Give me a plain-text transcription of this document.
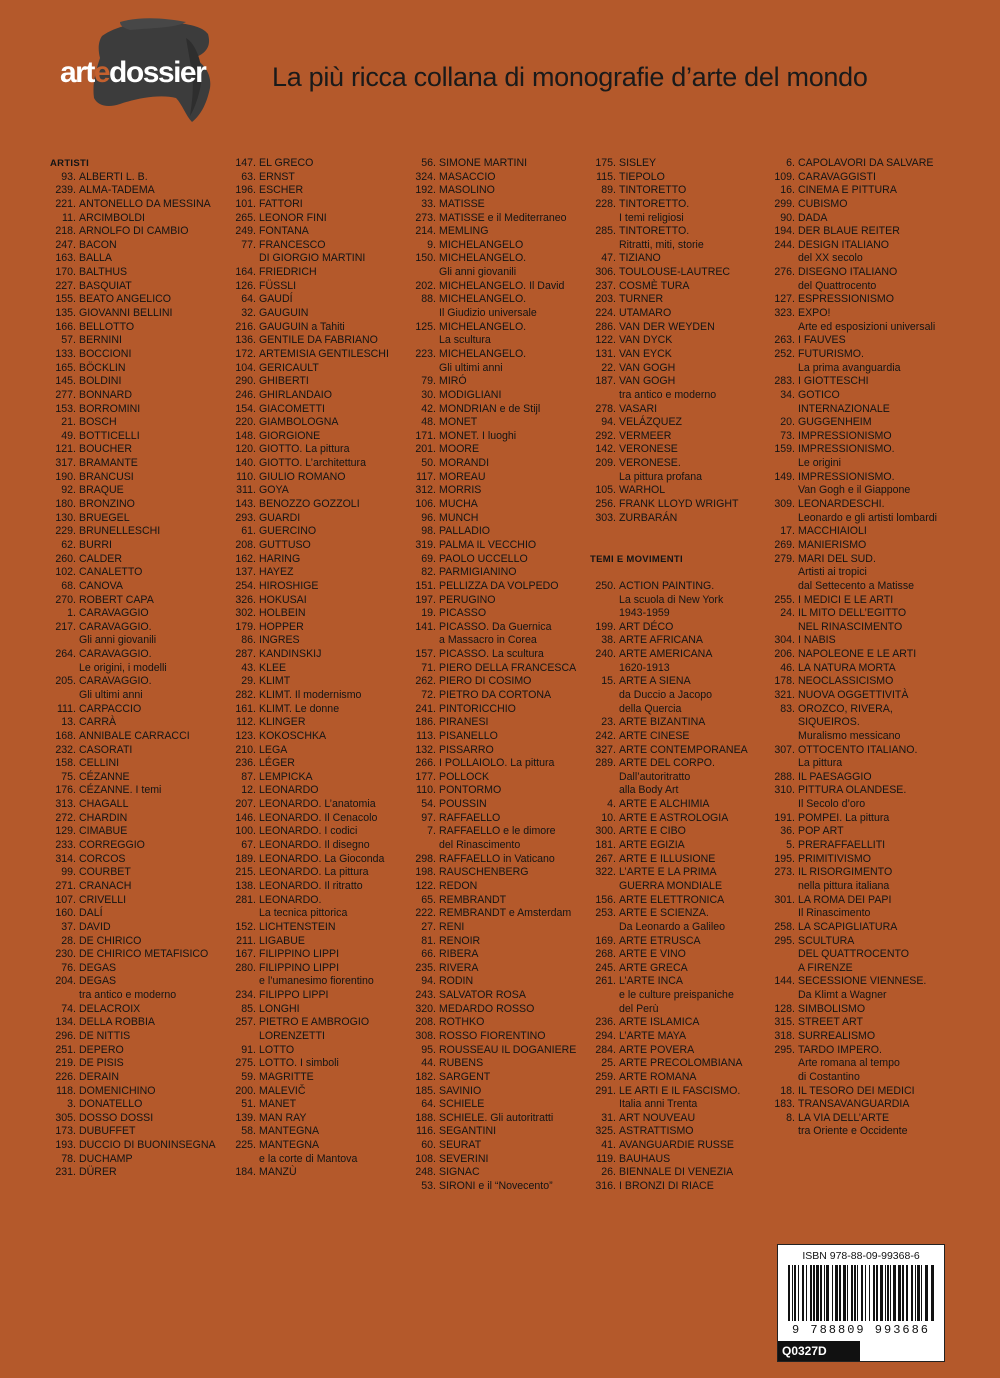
artedossier La più ricca collana di monografie d’arte del mondo
ARTISTI
93. ALBERTI L. B.
239. ALMA-TADEMA
221. ANTONELLO DA MESSINA
11. ARCIMBOLDI
218. ARNOLFO DI CAMBIO
247. BACON
163. BALLA
170. BALTHUS
227. BASQUIAT
155. BEATO ANGELICO
135. GIOVANNI BELLINI
166. BELLOTTO
57. BERNINI
133. BOCCIONI
165. BÖCKLIN
145. BOLDINI
277. BONNARD
153. BORROMINI
21. BOSCH
49. BOTTICELLI
121. BOUCHER
317. BRAMANTE
190. BRANCUSI
92. BRAQUE
180. BRONZINO
130. BRUEGEL
229. BRUNELLESCHI
62. BURRI
260. CALDER
102. CANALETTO
68. CANOVA
270. ROBERT CAPA
1. CARAVAGGIO
217. CARAVAGGIO.
Gli anni giovanili
264. CARAVAGGIO.
Le origini, i modelli
205. CARAVAGGIO.
Gli ultimi anni
111. CARPACCIO
13. CARRÀ
168. ANNIBALE CARRACCI
232. CASORATI
158. CELLINI
75. CÉZANNE
176. CÉZANNE. I temi
313. CHAGALL
272. CHARDIN
129. CIMABUE
233. CORREGGIO
314. CORCOS
99. COURBET
271. CRANACH
107. CRIVELLI
160. DALÍ
37. DAVID
28. DE CHIRICO
230. DE CHIRICO METAFISICO
76. DEGAS
204. DEGAS
tra antico e moderno
74. DELACROIX
134. DELLA ROBBIA
296. DE NITTIS
251. DEPERO
219. DE PISIS
226. DERAIN
118. DOMENICHINO
3. DONATELLO
305. DOSSO DOSSI
173. DUBUFFET
193. DUCCIO DI BUONINSEGNA
78. DUCHAMP
231. DÜRER
147. EL GRECO
63. ERNST
196. ESCHER
101. FATTORI
265. LEONOR FINI
249. FONTANA
77. FRANCESCO
DI GIORGIO MARTINI
164. FRIEDRICH
126. FÜSSLI
64. GAUDÍ
32. GAUGUIN
216. GAUGUIN a Tahiti
136. GENTILE DA FABRIANO
172. ARTEMISIA GENTILESCHI
104. GERICAULT
290. GHIBERTI
246. GHIRLANDAIO
154. GIACOMETTI
220. GIAMBOLOGNA
148. GIORGIONE
120. GIOTTO. La pittura
140. GIOTTO. L’architettura
110. GIULIO ROMANO
311. GOYA
143. BENOZZO GOZZOLI
293. GUARDI
61. GUERCINO
208. GUTTUSO
162. HARING
137. HAYEZ
254. HIROSHIGE
326. HOKUSAI
302. HOLBEIN
179. HOPPER
86. INGRES
287. KANDINSKIJ
43. KLEE
29. KLIMT
282. KLIMT. Il modernismo
161. KLIMT. Le donne
112. KLINGER
123. KOKOSCHKA
210. LEGA
236. LÉGER
87. LEMPICKA
12. LEONARDO
207. LEONARDO. L’anatomia
146. LEONARDO. Il Cenacolo
100. LEONARDO. I codici
67. LEONARDO. Il disegno
189. LEONARDO. La Gioconda
215. LEONARDO. La pittura
138. LEONARDO. Il ritratto
281. LEONARDO.
La tecnica pittorica
152. LICHTENSTEIN
211. LIGABUE
167. FILIPPINO LIPPI
280. FILIPPINO LIPPI
e l’umanesimo fiorentino
234. FILIPPO LIPPI
85. LONGHI
257. PIETRO E AMBROGIO
LORENZETTI
91. LOTTO
275. LOTTO. I simboli
59. MAGRITTE
200. MALEVIČ
51. MANET
139. MAN RAY
58. MANTEGNA
225. MANTEGNA
e la corte di Mantova
184. MANZÙ
56. SIMONE MARTINI
324. MASACCIO
192. MASOLINO
33. MATISSE
273. MATISSE e il Mediterraneo
214. MEMLING
9. MICHELANGELO
150. MICHELANGELO.
Gli anni giovanili
202. MICHELANGELO. Il David
88. MICHELANGELO.
Il Giudizio universale
125. MICHELANGELO.
La scultura
223. MICHELANGELO.
Gli ultimi anni
79. MIRÓ
30. MODIGLIANI
42. MONDRIAN e de Stijl
48. MONET
171. MONET. I luoghi
201. MOORE
50. MORANDI
117. MOREAU
312. MORRIS
106. MUCHA
96. MUNCH
98. PALLADIO
319. PALMA IL VECCHIO
69. PAOLO UCCELLO
82. PARMIGIANINO
151. PELLIZZA DA VOLPEDO
197. PERUGINO
19. PICASSO
141. PICASSO. Da Guernica
a Massacro in Corea
157. PICASSO. La scultura
71. PIERO DELLA FRANCESCA
262. PIERO DI COSIMO
72. PIETRO DA CORTONA
241. PINTORICCHIO
186. PIRANESI
113. PISANELLO
132. PISSARRO
266. I POLLAIOLO. La pittura
177. POLLOCK
110. PONTORMO
54. POUSSIN
97. RAFFAELLO
7. RAFFAELLO e le dimore
del Rinascimento
298. RAFFAELLO in Vaticano
198. RAUSCHENBERG
122. REDON
65. REMBRANDT
222. REMBRANDT e Amsterdam
27. RENI
81. RENOIR
66. RIBERA
235. RIVERA
94. RODIN
243. SALVATOR ROSA
320. MEDARDO ROSSO
208. ROTHKO
308. ROSSO FIORENTINO
95. ROUSSEAU IL DOGANIERE
44. RUBENS
182. SARGENT
185. SAVINIO
64. SCHIELE
188. SCHIELE. Gli autoritratti
116. SEGANTINI
60. SEURAT
108. SEVERINI
248. SIGNAC
53. SIRONI e il “Novecento”
175. SISLEY
115. TIEPOLO
89. TINTORETTO
228. TINTORETTO.
I temi religiosi
285. TINTORETTO.
Ritratti, miti, storie
47. TIZIANO
306. TOULOUSE-LAUTREC
237. COSMÈ TURA
203. TURNER
224. UTAMARO
286. VAN DER WEYDEN
122. VAN DYCK
131. VAN EYCK
22. VAN GOGH
187. VAN GOGH
tra antico e moderno
278. VASARI
94. VELÁZQUEZ
292. VERMEER
142. VERONESE
209. VERONESE.
La pittura profana
105. WARHOL
256. FRANK LLOYD WRIGHT
303. ZURBARÁN
TEMI E MOVIMENTI
250. ACTION PAINTING.
La scuola di New York
1943-1959
199. ART DÉCO
38. ARTE AFRICANA
240. ARTE AMERICANA
1620-1913
15. ARTE A SIENA
da Duccio a Jacopo
della Quercia
23. ARTE BIZANTINA
242. ARTE CINESE
327. ARTE CONTEMPORANEA
289. ARTE DEL CORPO.
Dall’autoritratto
alla Body Art
4. ARTE E ALCHIMIA
10. ARTE E ASTROLOGIA
300. ARTE E CIBO
181. ARTE EGIZIA
267. ARTE E ILLUSIONE
322. L’ARTE E LA PRIMA
GUERRA MONDIALE
156. ARTE ELETTRONICA
253. ARTE E SCIENZA.
Da Leonardo a Galileo
169. ARTE ETRUSCA
268. ARTE E VINO
245. ARTE GRECA
261. L’ARTE INCA
e le culture preispaniche
del Perù
236. ARTE ISLAMICA
294. L’ARTE MAYA
284. ARTE POVERA
25. ARTE PRECOLOMBIANA
259. ARTE ROMANA
291. LE ARTI E IL FASCISMO.
Italia anni Trenta
31. ART NOUVEAU
325. ASTRATTISMO
41. AVANGUARDIE RUSSE
119. BAUHAUS
26. BIENNALE DI VENEZIA
316. I BRONZI DI RIACE
6. CAPOLAVORI DA SALVARE
109. CARAVAGGISTI
16. CINEMA E PITTURA
299. CUBISMO
90. DADA
194. DER BLAUE REITER
244. DESIGN ITALIANO
del XX secolo
276. DISEGNO ITALIANO
del Quattrocento
127. ESPRESSIONISMO
323. EXPO!
Arte ed esposizioni universali
263. I FAUVES
252. FUTURISMO.
La prima avanguardia
283. I GIOTTESCHI
34. GOTICO
INTERNAZIONALE
20. GUGGENHEIM
73. IMPRESSIONISMO
159. IMPRESSIONISMO.
Le origini
149. IMPRESSIONISMO.
Van Gogh e il Giappone
309. LEONARDESCHI.
Leonardo e gli artisti lombardi
17. MACCHIAIOLI
269. MANIERISMO
279. MARI DEL SUD.
Artisti ai tropici
dal Settecento a Matisse
255. I MEDICI E LE ARTI
24. IL MITO DELL’EGITTO
NEL RINASCIMENTO
304. I NABIS
206. NAPOLEONE E LE ARTI
46. LA NATURA MORTA
178. NEOCLASSICISMO
321. NUOVA OGGETTIVITÀ
83. OROZCO, RIVERA,
SIQUEIROS.
Muralismo messicano
307. OTTOCENTO ITALIANO.
La pittura
288. IL PAESAGGIO
310. PITTURA OLANDESE.
Il Secolo d’oro
191. POMPEI. La pittura
36. POP ART
5. PRERAFFAELLITI
195. PRIMITIVISMO
273. IL RISORGIMENTO
nella pittura italiana
301. LA ROMA DEI PAPI
Il Rinascimento
258. LA SCAPIGLIATURA
295. SCULTURA
DEL QUATTROCENTO
A FIRENZE
144. SECESSIONE VIENNESE.
Da Klimt a Wagner
128. SIMBOLISMO
315. STREET ART
318. SURREALISMO
295. TARDO IMPERO.
Arte romana al tempo
di Costantino
18. IL TESORO DEI MEDICI
183. TRANSAVANGUARDIA
8. LA VIA DELL’ARTE
tra Oriente e Occidente
ISBN 978-88-09-99368-6
9 788809 993686
Q0327D
